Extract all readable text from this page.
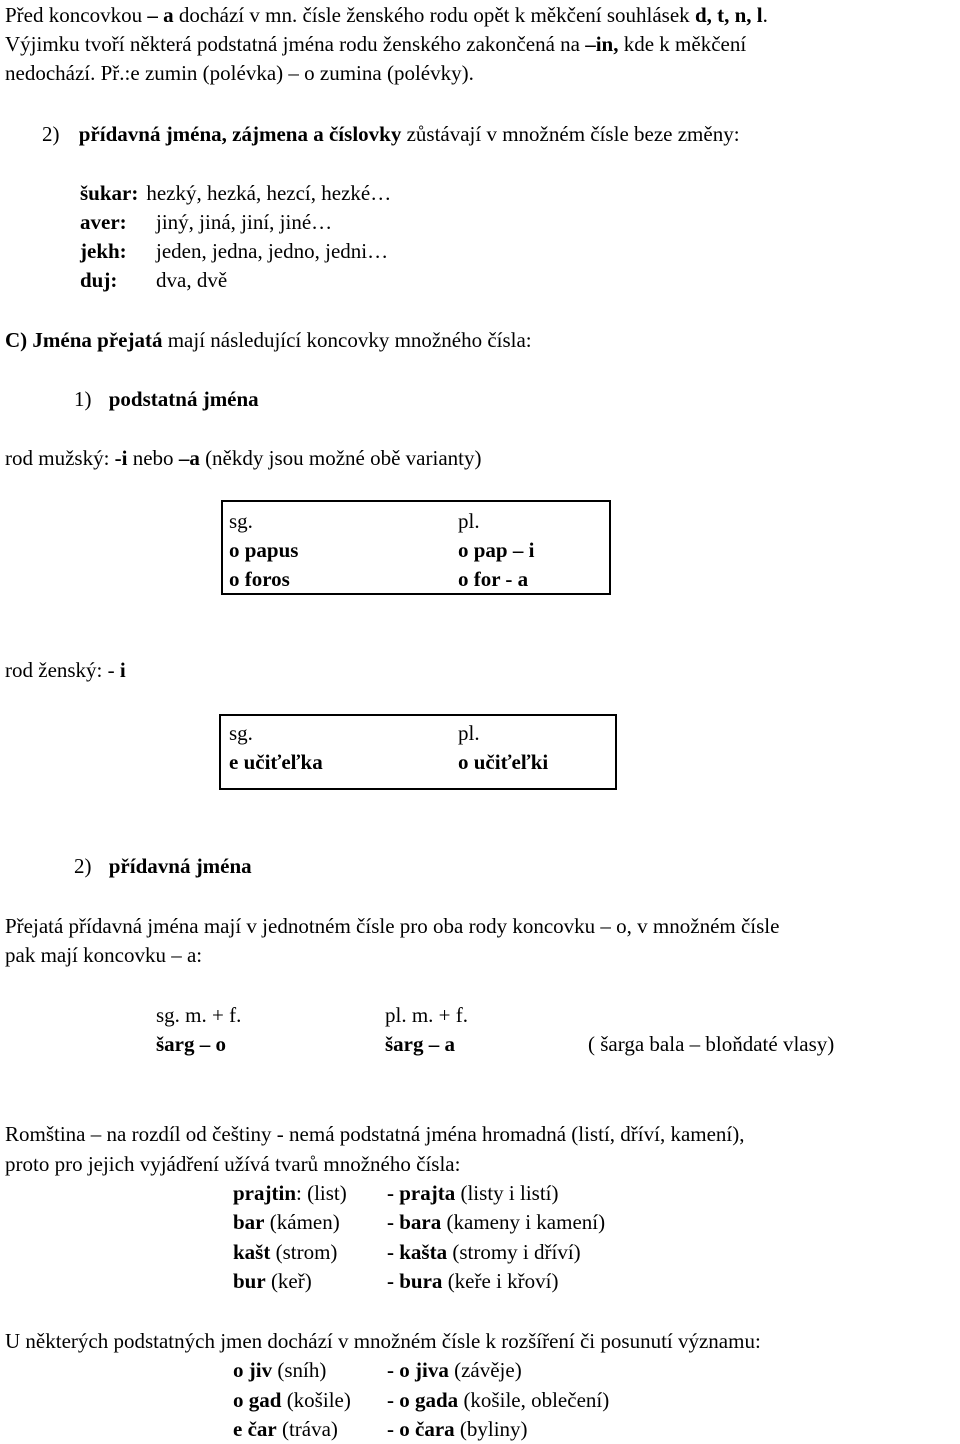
Před koncovkou – a dochází v mn. čísle ženského rodu opět k měkčení souhlásek d, t, n, l.
Výjimku tvoří některá podstatná jména rodu ženského zakončená na –in, kde k měkčení
nedochází. Př.:e zumin (polévka) – o zumina (polévky).
2) přídavná jména, zájmena a číslovky zůstávají v množném čísle beze změny:
šukar: hezký, hezká, hezcí, hezké…
aver: jiný, jiná, jiní, jiné…
jekh: jeden, jedna, jedno, jedni…
duj: dva, dvě
C) Jména přejatá mají následující koncovky množného čísla:
1) podstatná jména
rod mužský: -i nebo –a (někdy jsou možné obě varianty)
sg.	pl.
o papus	o pap – i
o foros	o for - a
rod ženský: - i
sg.	pl.
e učiťeľka	o učiťeľki
2) přídavná jména
Přejatá přídavná jména mají v jednotném čísle pro oba rody koncovku – o, v množném čísle
pak mají koncovku – a:
sg. m. + f.	pl. m. + f.
šarg – o	šarg – a	( šarga bala – bloňdaté vlasy)
Romština – na rozdíl od češtiny - nemá podstatná jména hromadná (listí, dříví, kamení),
proto pro jejich vyjádření užívá tvarů množného čísla:
prajtin: (list) - prajta (listy i listí)
bar (kámen) - bara (kameny i kamení)
kašt (strom) - kašta (stromy i dříví)
bur (keř)	- bura (keře i křoví)
U některých podstatných jmen dochází v množném čísle k rozšíření či posunutí významu:
o jiv (sníh)	- o jiva (závěje)
o gad (košile) - o gada (košile, oblečení)
e čar (tráva) - o čara (byliny)
